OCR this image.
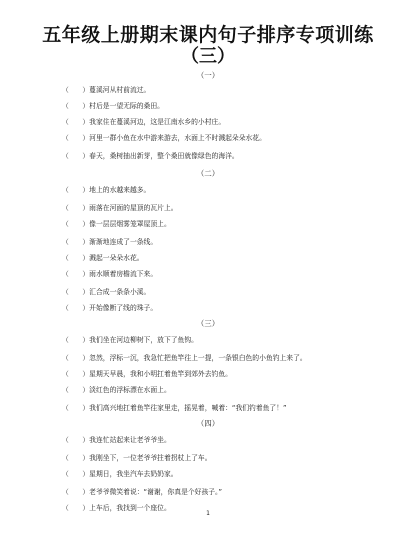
五年级上册期末课内句子排序专项训练
（三）
（一）
（　　）蔓溪河从村前流过。
（　　）村后是一望无际的桑田。
（　　）我家住在蔓溪河边，这是江南水乡的小村庄。
（　　）河里一群小鱼在水中游来游去，水面上不时溅起朵朵水花。
（　　）春天，桑树抽出新芽，整个桑田就像绿色的海洋。
（二）
（　　）地上的水越来越多。
（　　）雨落在河面的屋顶的瓦片上。
（　　）像一层层烟雾笼罩屋顶上。
（　　）渐渐地连成了一条线。
（　　）溅起一朵朵水花。
（　　）雨水顺着房檐流下来。
（　　）汇合成一条条小溪。
（　　）开始像断了线的珠子。
（三）
（　　）我们坐在河边柳树下，放下了鱼钩。
（　　）忽然，浮标一沉，我急忙把鱼竿往上一提，一条银白色的小鱼钓上来了。
（　　）星期天早晨，我和小明扛着鱼竿到郊外去钓鱼。
（　　）淡红色的浮标漂在水面上。
（　　）我们高兴地扛着鱼竿往家里走，摇晃着，喊着：“我们钓着鱼了！”
（四）
（　　）我连忙站起来让老爷爷坐。
（　　）我刚坐下，一位老爷爷拄着拐杖上了车。
（　　）星期日，我坐汽车去奶奶家。
（　　）老爷爷微笑着说：“谢谢，你真是个好孩子。”
（　　）上车后，我找到一个座位。
1
